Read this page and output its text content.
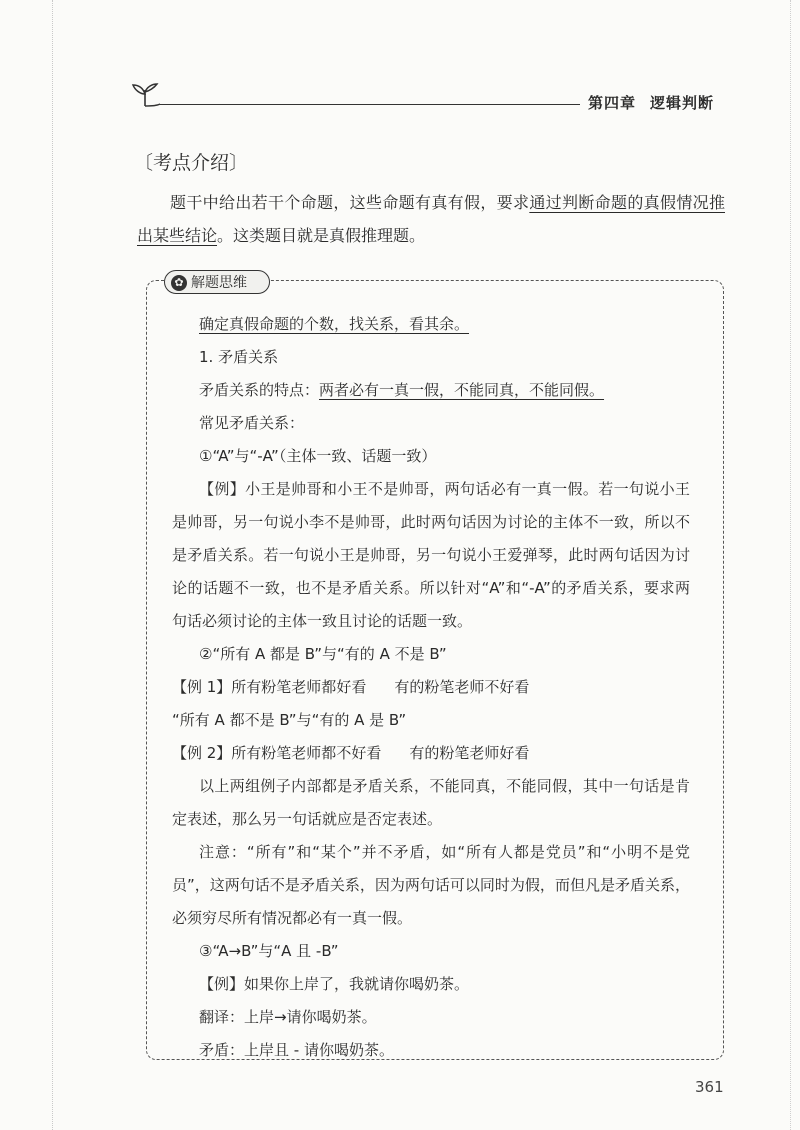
第四章 逻辑判断
〔考点介绍〕
题干中给出若干个命题，这些命题有真有假，要求通过判断命题的真假情况推出某些结论。这类题目就是真假推理题。
✿ 解题思维
确定真假命题的个数，找关系，看其余。
1. 矛盾关系
矛盾关系的特点：两者必有一真一假，不能同真，不能同假。
常见矛盾关系：
①“A”与“-A”（主体一致、话题一致）
【例】小王是帅哥和小王不是帅哥，两句话必有一真一假。若一句说小王是帅哥，另一句说小李不是帅哥，此时两句话因为讨论的主体不一致，所以不是矛盾关系。若一句说小王是帅哥，另一句说小王爱弹琴，此时两句话因为讨论的话题不一致，也不是矛盾关系。所以针对“A”和“-A”的矛盾关系，要求两句话必须讨论的主体一致且讨论的话题一致。
②“所有 A 都是 B”与“有的 A 不是 B”
【例 1】所有粉笔老师都好看 有的粉笔老师不好看
“所有 A 都不是 B”与“有的 A 是 B”
【例 2】所有粉笔老师都不好看 有的粉笔老师好看
以上两组例子内部都是矛盾关系，不能同真，不能同假，其中一句话是肯定表述，那么另一句话就应是否定表述。
注意：“所有”和“某个”并不矛盾，如“所有人都是党员”和“小明不是党员”，这两句话不是矛盾关系，因为两句话可以同时为假，而但凡是矛盾关系，必须穷尽所有情况都必有一真一假。
③“A→B”与“A 且 -B”
【例】如果你上岸了，我就请你喝奶茶。
翻译：上岸→请你喝奶茶。
矛盾：上岸且 - 请你喝奶茶。
361
